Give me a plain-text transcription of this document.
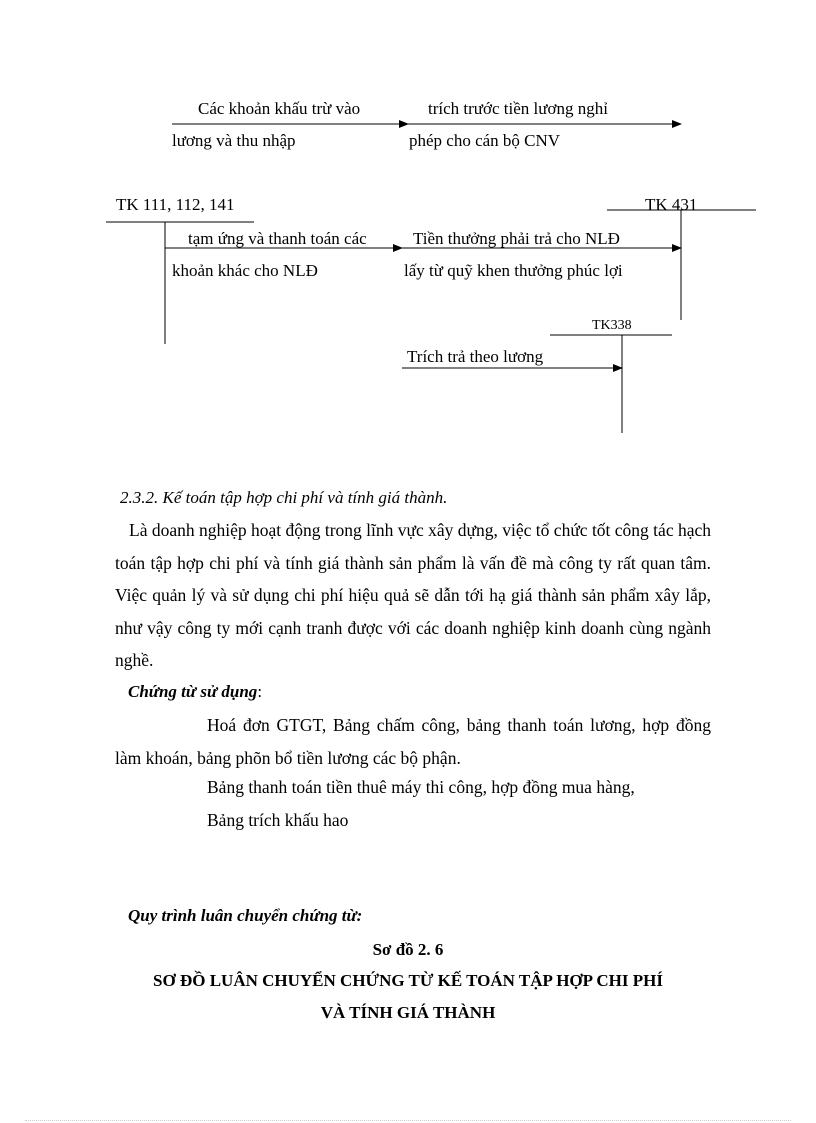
Các khoản khấu trừ vào
lương và thu nhập
trích trước tiền lương nghỉ
phép cho cán bộ CNV
TK 111, 112, 141	TK 431
TK338
tạm ứng và thanh toán các
khoản khác cho NLĐ
Tiền thưởng phải trả cho NLĐ
lấy từ quỹ khen thưởng phúc lợi
Trích trả theo lương
2.3.2. Kế toán tập hợp chi phí và tính giá thành.

Là doanh nghiệp hoạt động trong lĩnh vực xây dựng, việc tổ chức tốt công tác hạch toán tập hợp chi phí và tính giá thành sản phẩm là vấn đề mà công ty rất quan tâm. Việc quản lý và sử dụng chi phí hiệu quả sẽ dẫn tới hạ giá thành sản phẩm xây lắp, như vậy công ty mới cạnh tranh được với các doanh nghiệp kinh doanh cùng ngành nghề.

Chứng từ sử dụng:

Hoá đơn GTGT, Bảng chấm công, bảng thanh toán lương, hợp đồng làm khoán, bảng phõn bổ tiền lương các bộ phận.

Bảng thanh toán tiền thuê máy thi công, hợp đồng mua hàng,
Bảng trích khấu hao
Quy trình luân chuyển chứng từ:
Sơ đồ 2. 6
SƠ ĐỒ LUÂN CHUYỂN CHỨNG TỪ KẾ TOÁN TẬP HỢP CHI PHÍ
VÀ TÍNH GIÁ THÀNH
